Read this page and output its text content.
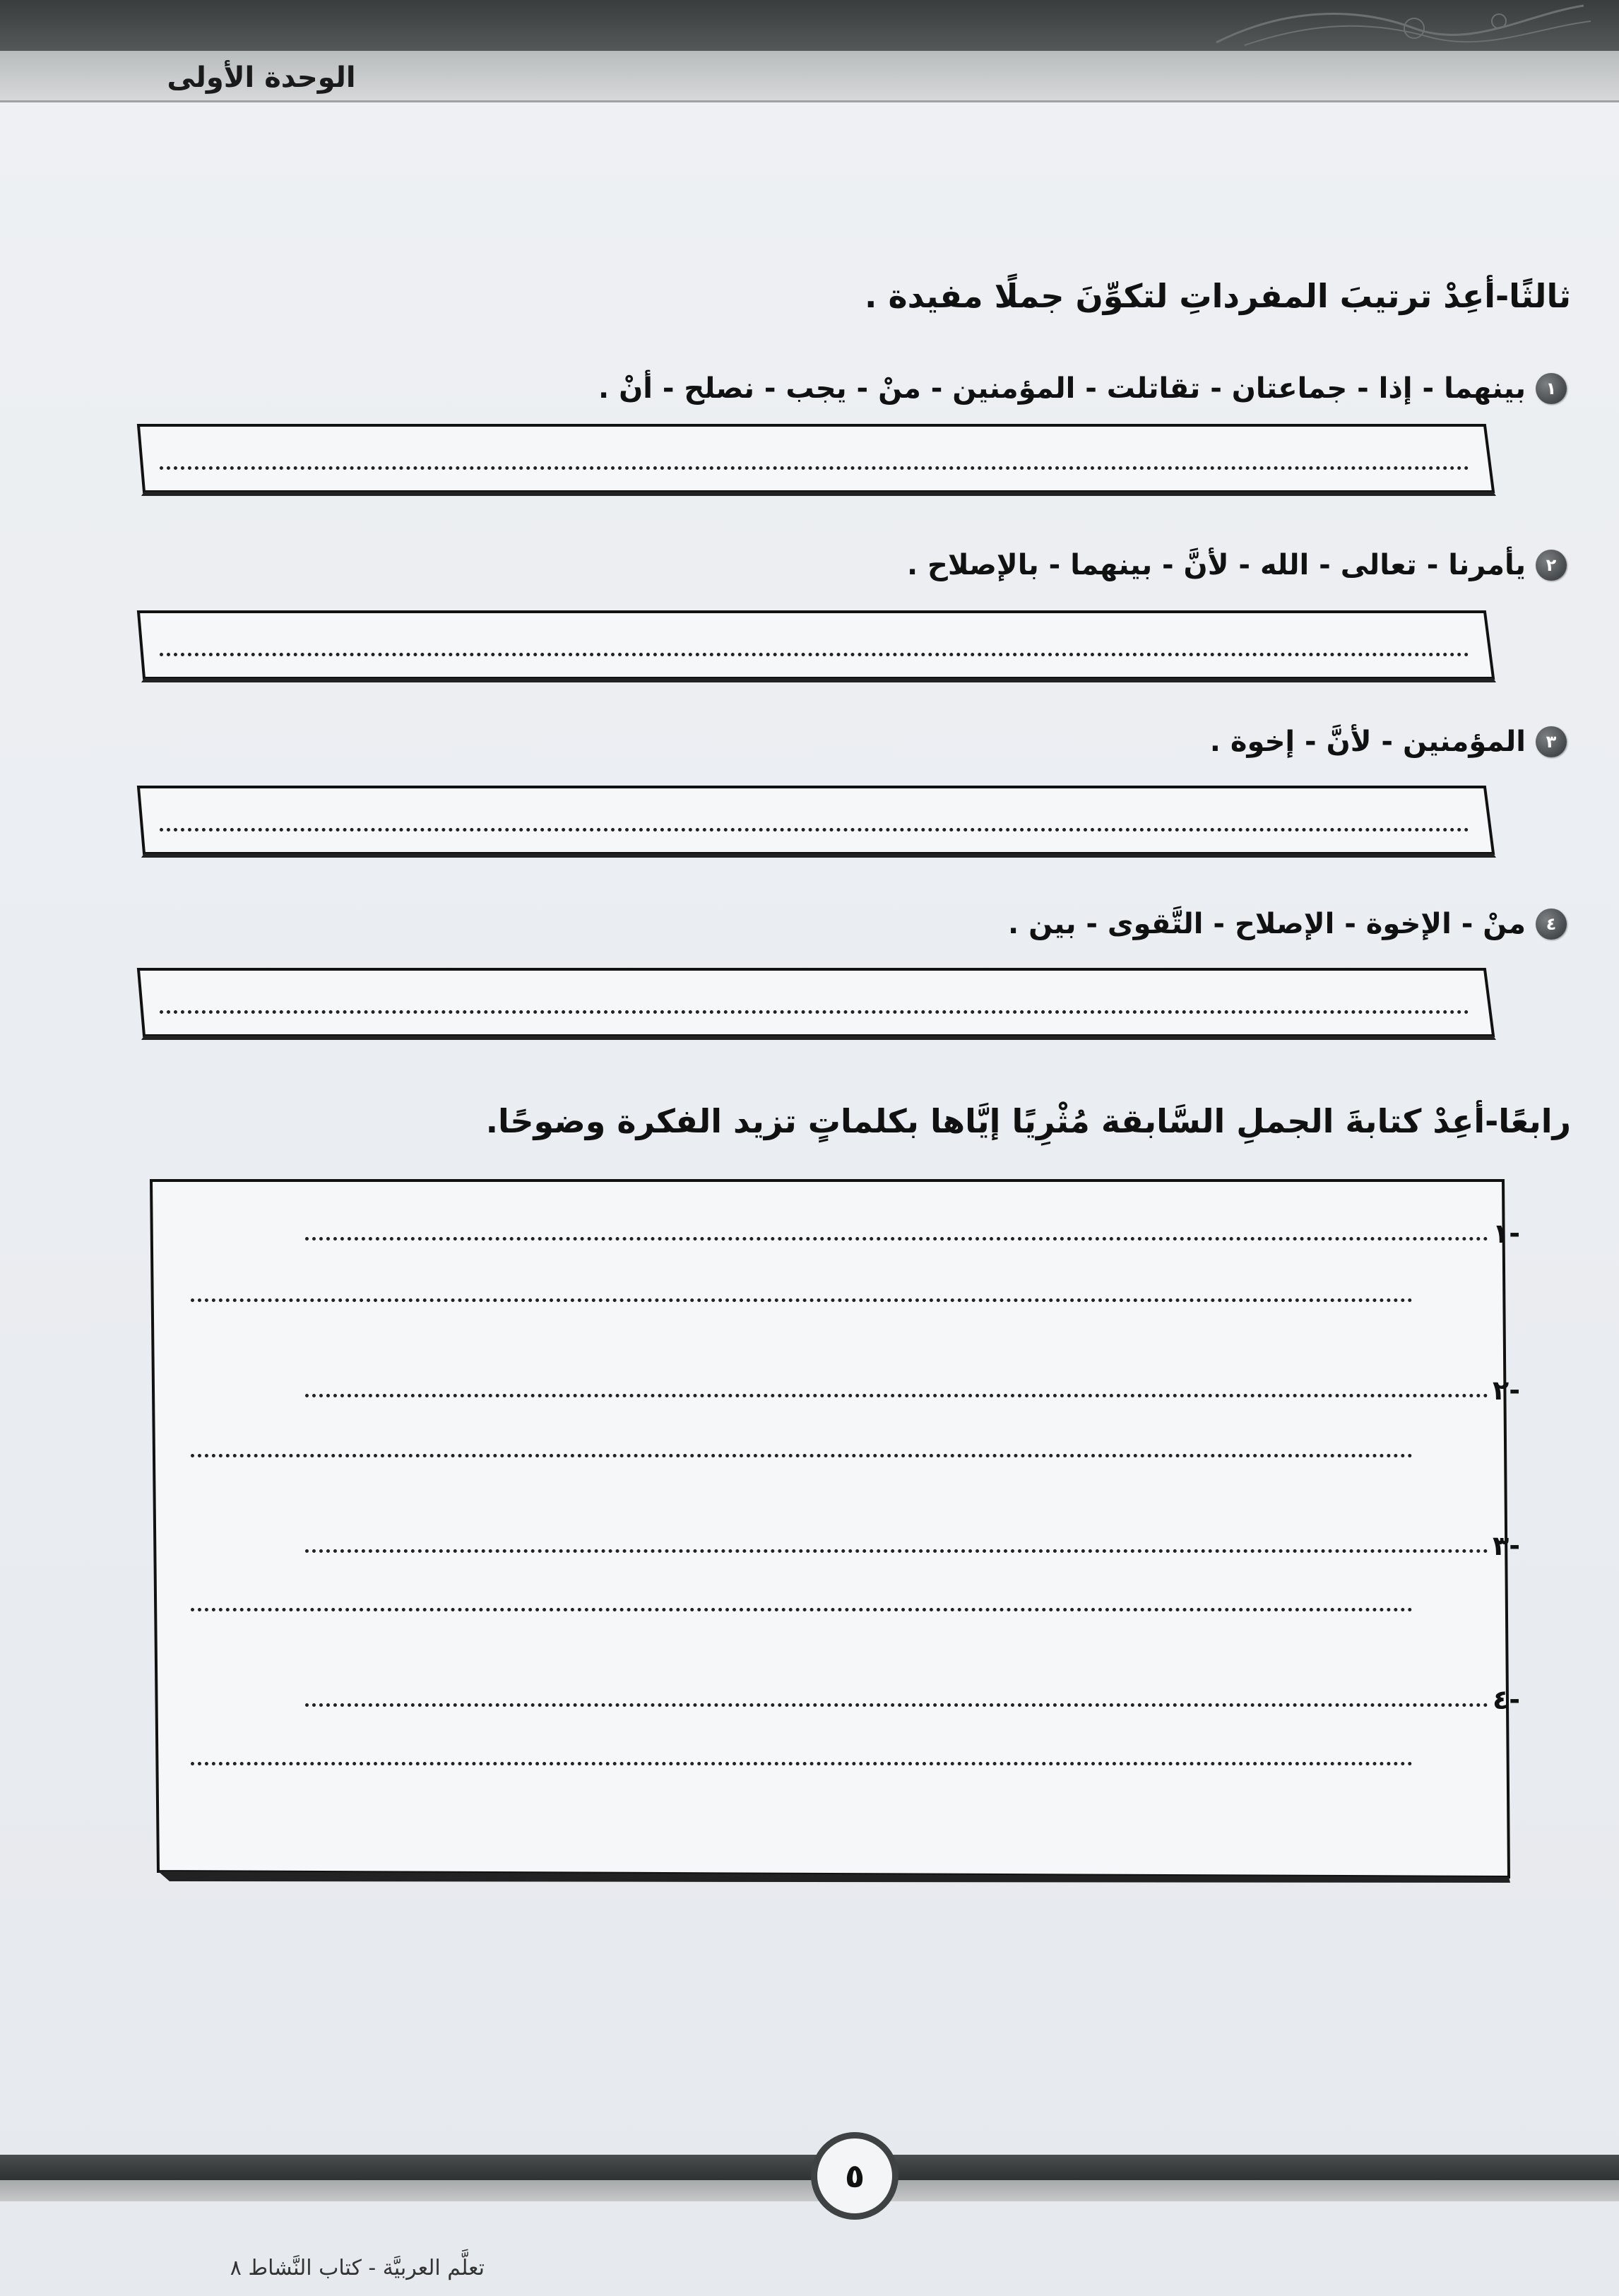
الوحدة الأولى
ثالثًا-أعِدْ ترتيبَ المفرداتِ لتكوِّنَ جملًا مفيدة .
١
بينهما - إذا - جماعتان - تقاتلت - المؤمنين - منْ - يجب - نصلح - أنْ .
٢
يأمرنا - تعالى - الله - لأنَّ - بينهما - بالإصلاح .
٣
المؤمنين - لأنَّ - إخوة .
٤
منْ - الإخوة - الإصلاح - التَّقوى - بين .
رابعًا-أعِدْ كتابةَ الجملِ السَّابقة مُثْرِيًا إيَّاها بكلماتٍ تزيد الفكرة وضوحًا.
-١
-٢
-٣
-٤
٥
تعلَّم العربيَّة - كتاب النَّشاط ٨
